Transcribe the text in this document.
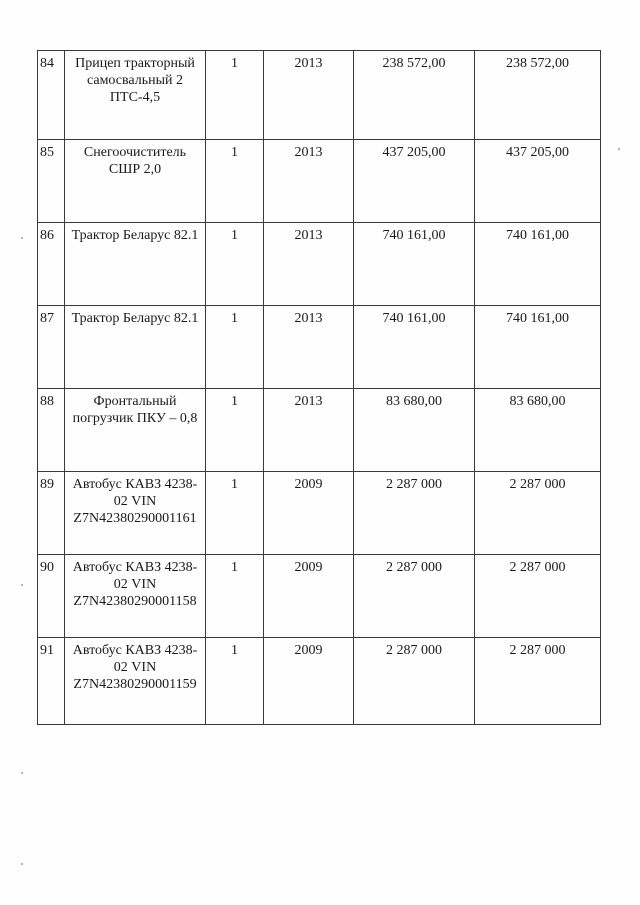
84	Прицеп тракторный самосвальный 2 ПТС-4,5	1	2013	238 572,00	238 572,00
85	Снегоочиститель СШР 2,0	1	2013	437 205,00	437 205,00
86	Трактор Беларус 82.1	1	2013	740 161,00	740 161,00
87	Трактор Беларус 82.1	1	2013	740 161,00	740 161,00
88	Фронтальный погрузчик ПКУ – 0,8	1	2013	83 680,00	83 680,00
89	Автобус КАВЗ 4238-02 VIN Z7N42380290001161	1	2009	2 287 000	2 287 000
90	Автобус КАВЗ 4238-02 VIN Z7N42380290001158	1	2009	2 287 000	2 287 000
91	Автобус КАВЗ 4238-02 VIN Z7N42380290001159	1	2009	2 287 000	2 287 000
